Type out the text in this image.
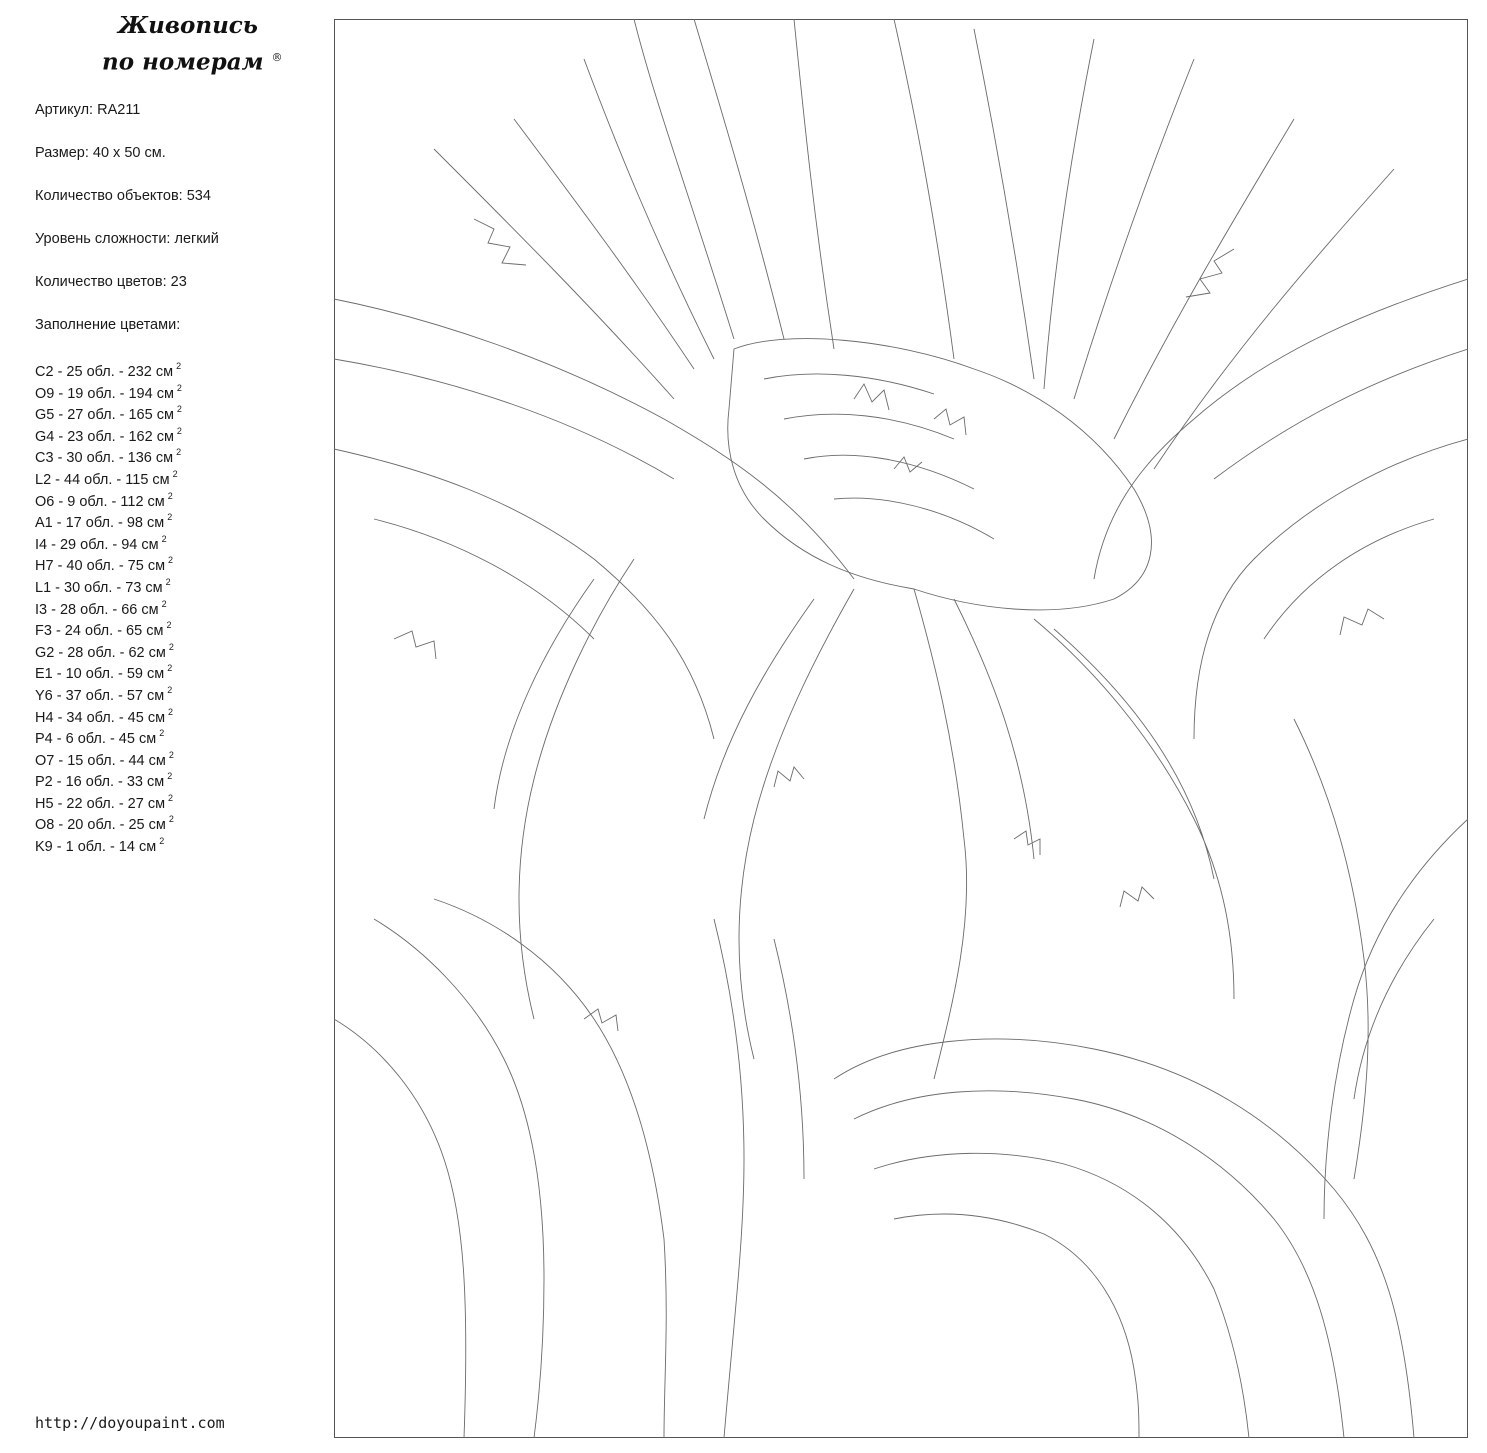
Живопись
по номерам ®
Артикул: RA211
Размер: 40 х 50 см.
Количество объектов: 534
Уровень сложности: легкий
Количество цветов: 23
Заполнение цветами:
C2 - 25 обл. - 232 см $^2$
O9 - 19 обл. - 194 см $^2$
G5 - 27 обл. - 165 см $^2$
G4 - 23 обл. - 162 см $^2$
C3 - 30 обл. - 136 см $^2$
L2 - 44 обл. - 115 см $^2$
O6 - 9 обл. - 112 см $^2$
A1 - 17 обл. - 98 см $^2$
I4 - 29 обл. - 94 см $^2$
H7 - 40 обл. - 75 см $^2$
L1 - 30 обл. - 73 см $^2$
I3 - 28 обл. - 66 см $^2$
F3 - 24 обл. - 65 см $^2$
G2 - 28 обл. - 62 см $^2$
E1 - 10 обл. - 59 см $^2$
Y6 - 37 обл. - 57 см $^2$
H4 - 34 обл. - 45 см $^2$
P4 - 6 обл. - 45 см $^2$
O7 - 15 обл. - 44 см $^2$
P2 - 16 обл. - 33 см $^2$
H5 - 22 обл. - 27 см $^2$
O8 - 20 обл. - 25 см $^2$
K9 - 1 обл. - 14 см $^2$
http://doyoupaint.com
